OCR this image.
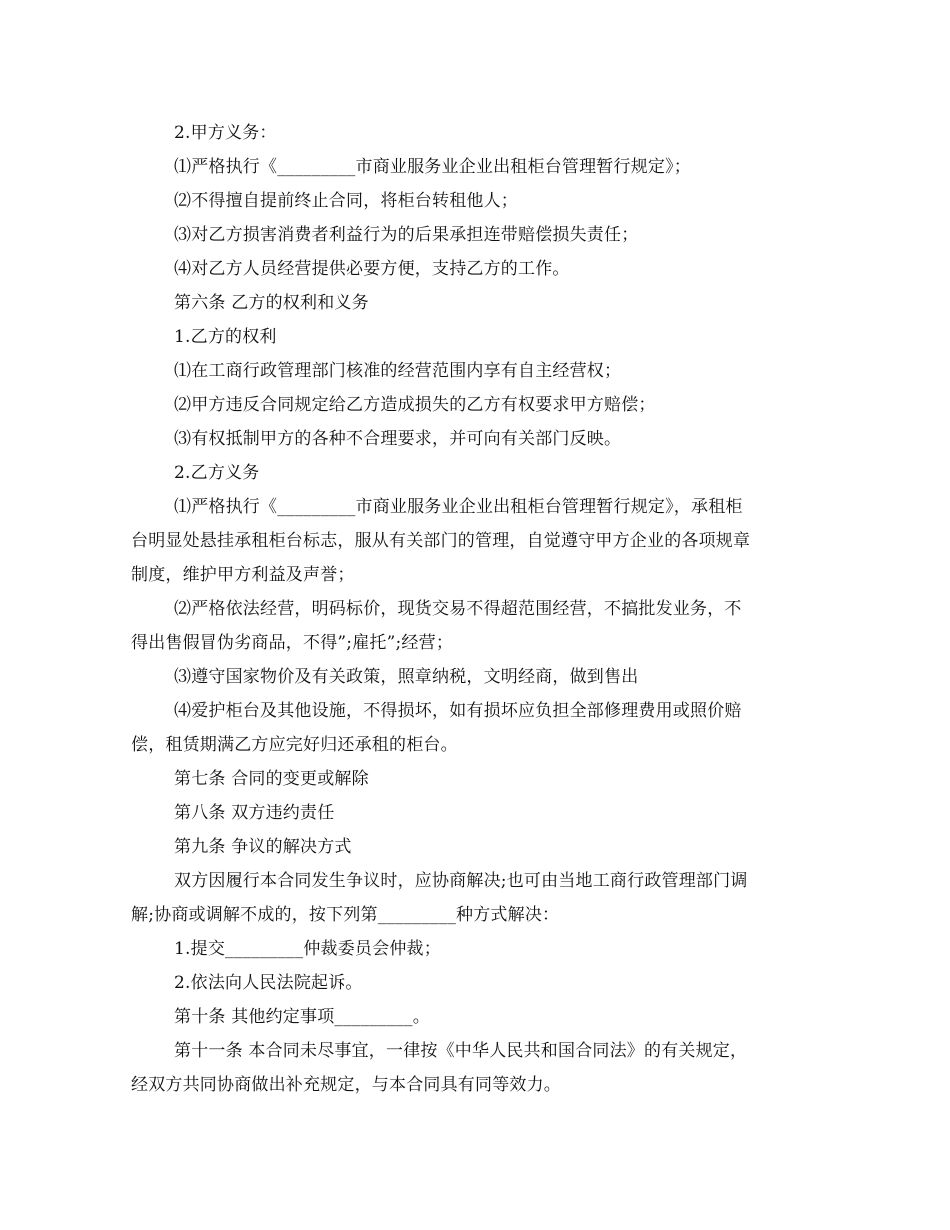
2.甲方义务：

⑴严格执行《_________市商业服务业企业出租柜台管理暂行规定》；

⑵不得擅自提前终止合同，将柜台转租他人；

⑶对乙方损害消费者利益行为的后果承担连带赔偿损失责任；

⑷对乙方人员经营提供必要方便，支持乙方的工作。

第六条 乙方的权利和义务

1.乙方的权利

⑴在工商行政管理部门核准的经营范围内享有自主经营权；

⑵甲方违反合同规定给乙方造成损失的乙方有权要求甲方赔偿；

⑶有权抵制甲方的各种不合理要求，并可向有关部门反映。

2.乙方义务

⑴严格执行《_________市商业服务业企业出租柜台管理暂行规定》，承租柜
台明显处悬挂承租柜台标志，服从有关部门的管理，自觉遵守甲方企业的各项规章
制度，维护甲方利益及声誉；
⑵严格依法经营，明码标价，现货交易不得超范围经营，不搞批发业务，不
得出售假冒伪劣商品，不得”;雇托”;经营；

⑶遵守国家物价及有关政策，照章纳税，文明经商，做到售出

⑷爱护柜台及其他设施，不得损坏，如有损坏应负担全部修理费用或照价赔
偿，租赁期满乙方应完好归还承租的柜台。

第七条 合同的变更或解除

第八条 双方违约责任

第九条 争议的解决方式

双方因履行本合同发生争议时，应协商解决;也可由当地工商行政管理部门调
解;协商或调解不成的，按下列第_________种方式解决：

1.提交_________仲裁委员会仲裁；

2.依法向人民法院起诉。

第十条 其他约定事项_________。

第十一条 本合同未尽事宜，一律按《中华人民共和国合同法》的有关规定，
经双方共同协商做出补充规定，与本合同具有同等效力。
